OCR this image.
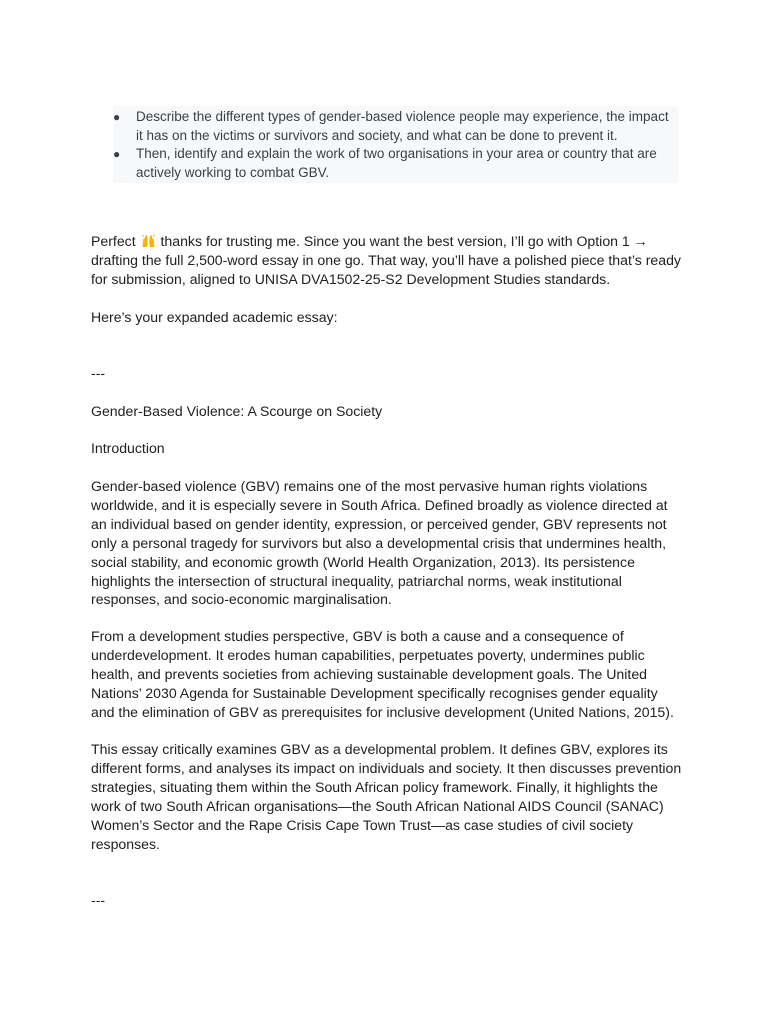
● Describe the different types of gender-based violence people may experience, the impact it has on the victims or survivors and society, and what can be done to prevent it.
● Then, identify and explain the work of two organisations in your area or country that are actively working to combat GBV.

Perfect thanks for trusting me. Since you want the best version, I’ll go with Option 1 → drafting the full 2,500-word essay in one go. That way, you’ll have a polished piece that’s ready for submission, aligned to UNISA DVA1502-25-S2 Development Studies standards.

Here’s your expanded academic essay:

---

Gender-Based Violence: A Scourge on Society

Introduction

Gender-based violence (GBV) remains one of the most pervasive human rights violations worldwide, and it is especially severe in South Africa. Defined broadly as violence directed at an individual based on gender identity, expression, or perceived gender, GBV represents not only a personal tragedy for survivors but also a developmental crisis that undermines health, social stability, and economic growth (World Health Organization, 2013). Its persistence highlights the intersection of structural inequality, patriarchal norms, weak institutional responses, and socio-economic marginalisation.

From a development studies perspective, GBV is both a cause and a consequence of underdevelopment. It erodes human capabilities, perpetuates poverty, undermines public health, and prevents societies from achieving sustainable development goals. The United Nations’ 2030 Agenda for Sustainable Development specifically recognises gender equality and the elimination of GBV as prerequisites for inclusive development (United Nations, 2015).

This essay critically examines GBV as a developmental problem. It defines GBV, explores its different forms, and analyses its impact on individuals and society. It then discusses prevention strategies, situating them within the South African policy framework. Finally, it highlights the work of two South African organisations—the South African National AIDS Council (SANAC) Women’s Sector and the Rape Crisis Cape Town Trust—as case studies of civil society responses.

---
